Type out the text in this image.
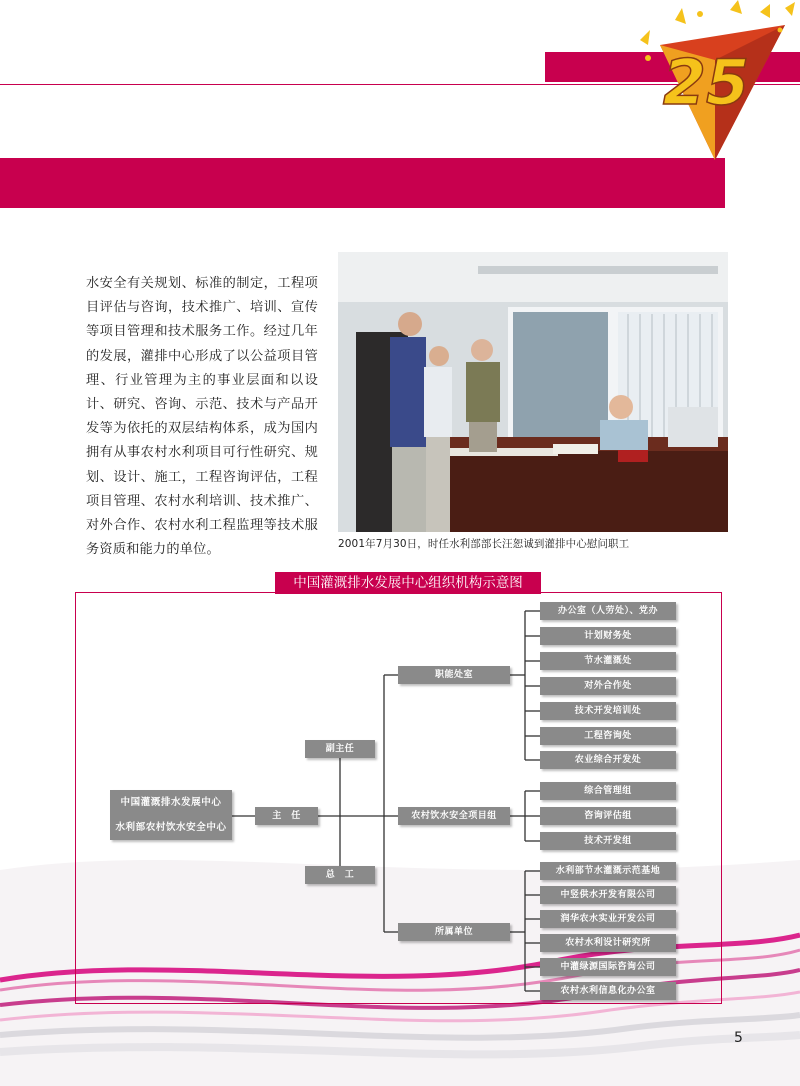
25
水安全有关规划、标准的制定，工程项目评估与咨询，技术推广、培训、宣传等项目管理和技术服务工作。经过几年的发展，灌排中心形成了以公益项目管理、行业管理为主的事业层面和以设计、研究、咨询、示范、技术与产品开发等为依托的双层结构体系，成为国内拥有从事农村水利项目可行性研究、规划、设计、施工，工程咨询评估，工程项目管理、农村水利培训、技术推广、对外合作、农村水利工程监理等技术服务资质和能力的单位。	2001年7月30日，时任水利部部长汪恕诚到灌排中心慰问职工
中国灌溉排水发展中心组织机构示意图
中国灌溉排水发展中心
水利部农村饮水安全中心
主　任
副主任
总　工
职能处室
农村饮水安全项目组
所属单位
办公室（人劳处）、党办
计划财务处
节水灌溉处
对外合作处
技术开发培训处
工程咨询处
农业综合开发处
综合管理组
咨询评估组
技术开发组
水利部节水灌溉示范基地
中竖供水开发有限公司
润华农水实业开发公司
农村水利设计研究所
中灌绿源国际咨询公司
农村水利信息化办公室
5
